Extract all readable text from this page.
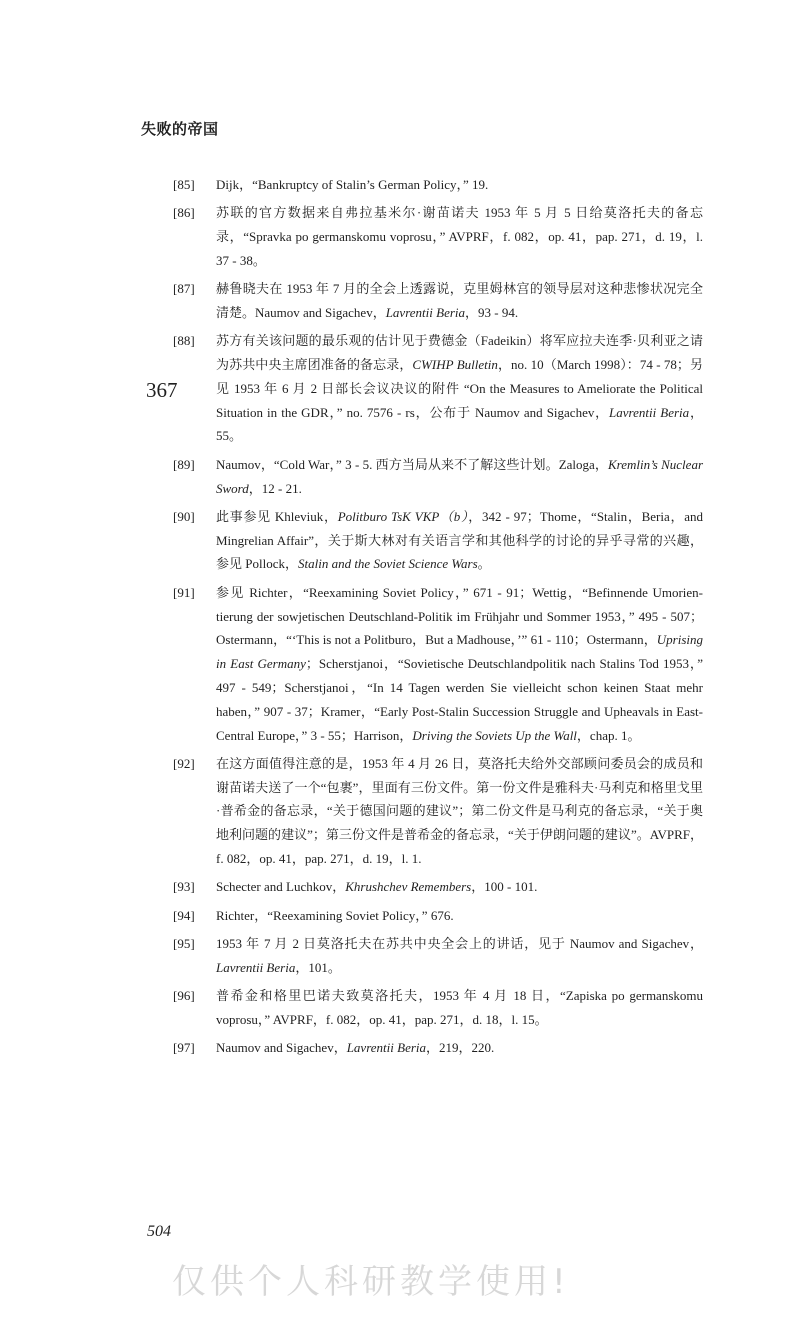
失败的帝国
367
[85]	Dijk，“Bankruptcy of Stalin’s German Policy，” 19.
[86]	苏联的官方数据来自弗拉基米尔·谢苗诺夫 1953 年 5 月 5 日给莫洛托夫的备忘录，“Spravka po germanskomu voprosu，” AVPRF，f. 082，op. 41，pap. 271，d. 19，l. 37 - 38。
[87]	赫鲁晓夫在 1953 年 7 月的全会上透露说，克里姆林宫的领导层对这种悲惨状况完全清楚。Naumov and Sigachev，Lavrentii Beria，93 - 94.
[88]	苏方有关该问题的最乐观的估计见于费德金（Fadeikin）将军应拉夫连季·贝利亚之请为苏共中央主席团准备的备忘录，CWIHP Bulletin，no. 10（March 1998）：74 - 78；另见 1953 年 6 月 2 日部长会议决议的附件 “On the Measures to Ameliorate the Political Situation in the GDR，” no. 7576 - rs，公布于 Naumov and Sigachev，Lavrentii Beria，55。
[89]	Naumov，“Cold War，” 3 - 5. 西方当局从来不了解这些计划。Zaloga，Kremlin’s Nuclear Sword，12 - 21.
[90]	此事参见 Khleviuk，Politburo TsK VKP（b），342 - 97；Thome，“Stalin，Beria，and Mingrelian Affair”，关于斯大林对有关语言学和其他科学的讨论的异乎寻常的兴趣，参见 Pollock，Stalin and the Soviet Science Wars。
[91]	参见 Richter，“Reexamining Soviet Policy，” 671 - 91；Wettig，“Befinnende Umorien-tierung der sowjetischen Deutschland-Politik im Frühjahr und Sommer 1953，” 495 - 507；Ostermann，“‘This is not a Politburo，But a Madhouse，’” 61 - 110；Ostermann，Uprising in East Germany；Scherstjanoi，“Sovietische Deutschlandpolitik nach Stalins Tod 1953，” 497 - 549；Scherstjanoi，“In 14 Tagen werden Sie vielleicht schon keinen Staat mehr haben，” 907 - 37；Kramer，“Early Post-Stalin Succession Struggle and Upheavals in East-Central Europe，” 3 - 55；Harrison，Driving the Soviets Up the Wall，chap. 1。
[92]	在这方面值得注意的是，1953 年 4 月 26 日，莫洛托夫给外交部顾问委员会的成员和谢苗诺夫送了一个“包裹”，里面有三份文件。第一份文件是雅科夫·马利克和格里戈里·普希金的备忘录，“关于德国问题的建议”；第二份文件是马利克的备忘录，“关于奥地利问题的建议”；第三份文件是普希金的备忘录，“关于伊朗问题的建议”。AVPRF，f. 082，op. 41，pap. 271，d. 19，l. 1.
[93]	Schecter and Luchkov，Khrushchev Remembers，100 - 101.
[94]	Richter，“Reexamining Soviet Policy，” 676.
[95]	1953 年 7 月 2 日莫洛托夫在苏共中央全会上的讲话，见于 Naumov and Sigachev，Lavrentii Beria，101。
[96]	普希金和格里巴诺夫致莫洛托夫，1953 年 4 月 18 日，“Zapiska po germanskomu voprosu，” AVPRF，f. 082，op. 41，pap. 271，d. 18，l. 15。
[97]	Naumov and Sigachev，Lavrentii Beria，219，220.
504
仅供个人科研教学使用!
